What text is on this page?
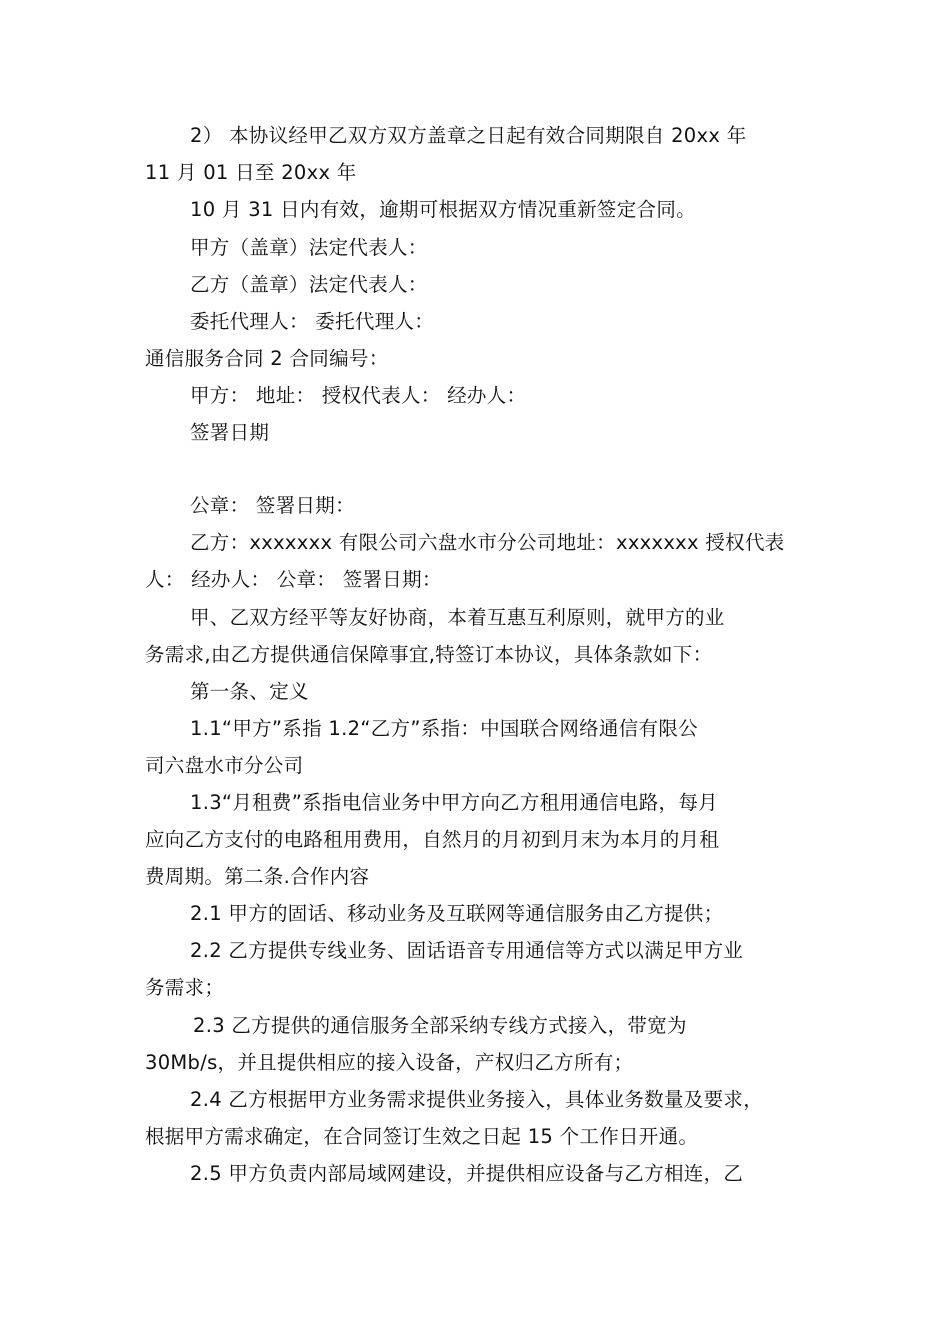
2） 本协议经甲乙双方双方盖章之日起有效合同期限自 20xx 年
11 月 01 日至 20xx 年
10 月 31 日内有效，逾期可根据双方情况重新签定合同。
甲方（盖章）法定代表人：
乙方（盖章）法定代表人：
委托代理人： 委托代理人：
通信服务合同 2 合同编号：
甲方： 地址： 授权代表人： 经办人：
签署日期
公章： 签署日期：
乙方：xxxxxxx 有限公司六盘水市分公司地址：xxxxxxx 授权代表
人： 经办人： 公章： 签署日期：
甲、乙双方经平等友好协商，本着互惠互利原则，就甲方的业
务需求,由乙方提供通信保障事宜,特签订本协议，具体条款如下：
第一条、定义
1.1“甲方”系指 1.2“乙方”系指：中国联合网络通信有限公
司六盘水市分公司
1.3“月租费”系指电信业务中甲方向乙方租用通信电路，每月
应向乙方支付的电路租用费用，自然月的月初到月末为本月的月租
费周期。第二条.合作内容
2.1 甲方的固话、移动业务及互联网等通信服务由乙方提供；
2.2 乙方提供专线业务、固话语音专用通信等方式以满足甲方业
务需求；
2.3 乙方提供的通信服务全部采纳专线方式接入，带宽为
30Mb/s，并且提供相应的接入设备，产权归乙方所有；
2.4 乙方根据甲方业务需求提供业务接入，具体业务数量及要求，
根据甲方需求确定，在合同签订生效之日起 15 个工作日开通。
2.5 甲方负责内部局域网建设，并提供相应设备与乙方相连，乙
